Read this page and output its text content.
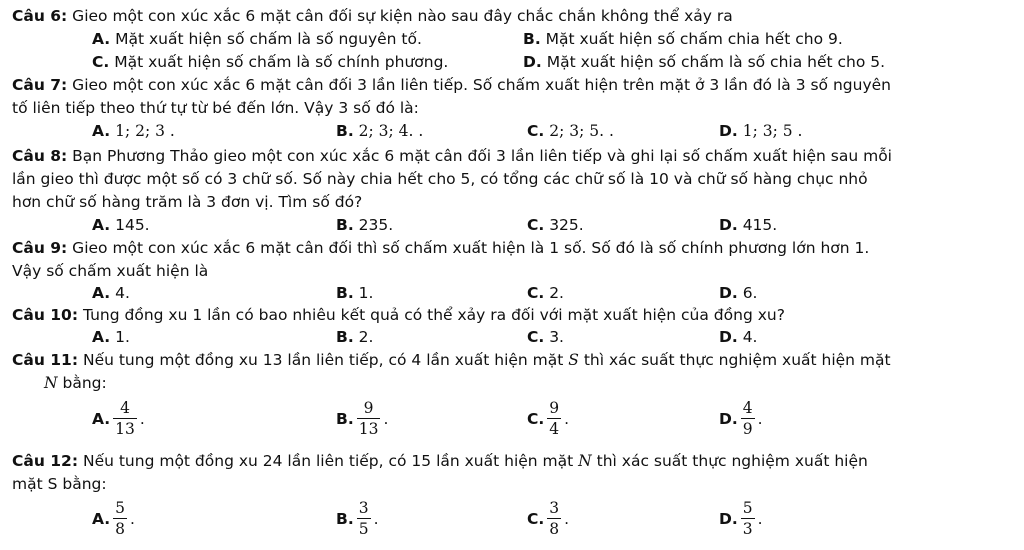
Câu 6: Gieo một con xúc xắc 6 mặt cân đối sự kiện nào sau đây chắc chắn không thể xảy ra
A. Mặt xuất hiện số chấm là số nguyên tố.	B. Mặt xuất hiện số chấm chia hết cho 9.
C. Mặt xuất hiện số chấm là số chính phương.	D. Mặt xuất hiện số chấm là số chia hết cho 5.
Câu 7: Gieo một con xúc xắc 6 mặt cân đối 3 lần liên tiếp. Số chấm xuất hiện trên mặt ở 3 lần đó là 3 số nguyên
tố liên tiếp theo thứ tự từ bé đến lớn. Vậy 3 số đó là:
A. 1; 2; 3 .	B. 2; 3; 4. .	C. 2; 3; 5. .	D. 1; 3; 5 .
Câu 8: Bạn Phương Thảo gieo một con xúc xắc 6 mặt cân đối 3 lần liên tiếp và ghi lại số chấm xuất hiện sau mỗi
lần gieo thì được một số có 3 chữ số. Số này chia hết cho 5, có tổng các chữ số là 10 và chữ số hàng chục nhỏ
hơn chữ số hàng trăm là 3 đơn vị. Tìm số đó?
A. 145.	B. 235.	C. 325.	D. 415.
Câu 9: Gieo một con xúc xắc 6 mặt cân đối thì số chấm xuất hiện là 1 số. Số đó là số chính phương lớn hơn 1.
Vậy số chấm xuất hiện là
A. 4.	B. 1.	C. 2.	D. 6.
Câu 10: Tung đồng xu 1 lần có bao nhiêu kết quả có thể xảy ra đối với mặt xuất hiện của đồng xu?
A. 1.	B. 2.	C. 3.	D. 4.
Câu 11: Nếu tung một đồng xu 13 lần liên tiếp, có 4 lần xuất hiện mặt S thì xác suất thực nghiệm xuất hiện mặt
N bằng:
A. $\frac{4}{13}$ .	B. $\frac{9}{13}$ .	C. $\frac{9}{4}$ .	D. $\frac{4}{9}$ .
Câu 12: Nếu tung một đồng xu 24 lần liên tiếp, có 15 lần xuất hiện mặt N thì xác suất thực nghiệm xuất hiện
mặt S bằng:
A. $\frac{5}{8}$ .	B. $\frac{3}{5}$ .	C. $\frac{3}{8}$ .	D. $\frac{5}{3}$ .
